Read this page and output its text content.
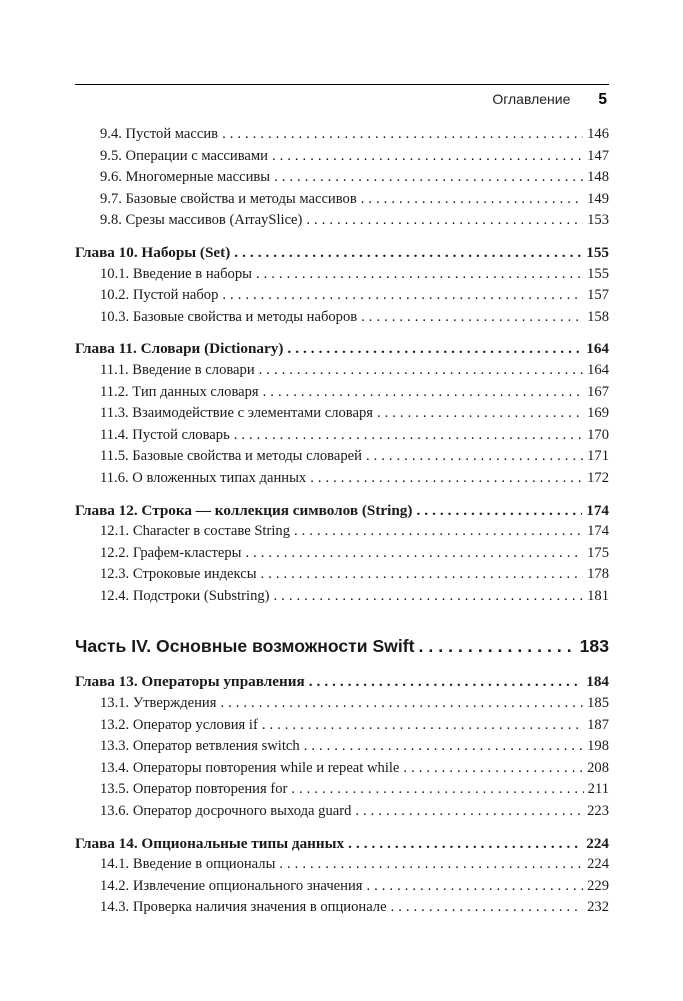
Оглавление 5
9.4. Пустой массив .....	146
9.5. Операции с массивами .....	147
9.6. Многомерные массивы .....	148
9.7. Базовые свойства и методы массивов .....	149
9.8. Срезы массивов (ArraySlice) .....	153
Глава 10. Наборы (Set) .....	155
10.1. Введение в наборы .....	155
10.2. Пустой набор .....	157
10.3. Базовые свойства и методы наборов .....	158
Глава 11. Словари (Dictionary) .....	164
11.1. Введение в словари .....	164
11.2. Тип данных словаря .....	167
11.3. Взаимодействие с элементами словаря .....	169
11.4. Пустой словарь .....	170
11.5. Базовые свойства и методы словарей .....	171
11.6. О вложенных типах данных .....	172
Глава 12. Строка — коллекция символов (String) .....	174
12.1. Character в составе String .....	174
12.2. Графем-кластеры .....	175
12.3. Строковые индексы .....	178
12.4. Подстроки (Substring) .....	181
Часть IV. Основные возможности Swift .....	183
Глава 13. Операторы управления .....	184
13.1. Утверждения .....	185
13.2. Оператор условия if .....	187
13.3. Оператор ветвления switch .....	198
13.4. Операторы повторения while и repeat while .....	208
13.5. Оператор повторения for .....	211
13.6. Оператор досрочного выхода guard .....	223
Глава 14. Опциональные типы данных .....	224
14.1. Введение в опционалы .....	224
14.2. Извлечение опционального значения .....	229
14.3. Проверка наличия значения в опционале .....	232
